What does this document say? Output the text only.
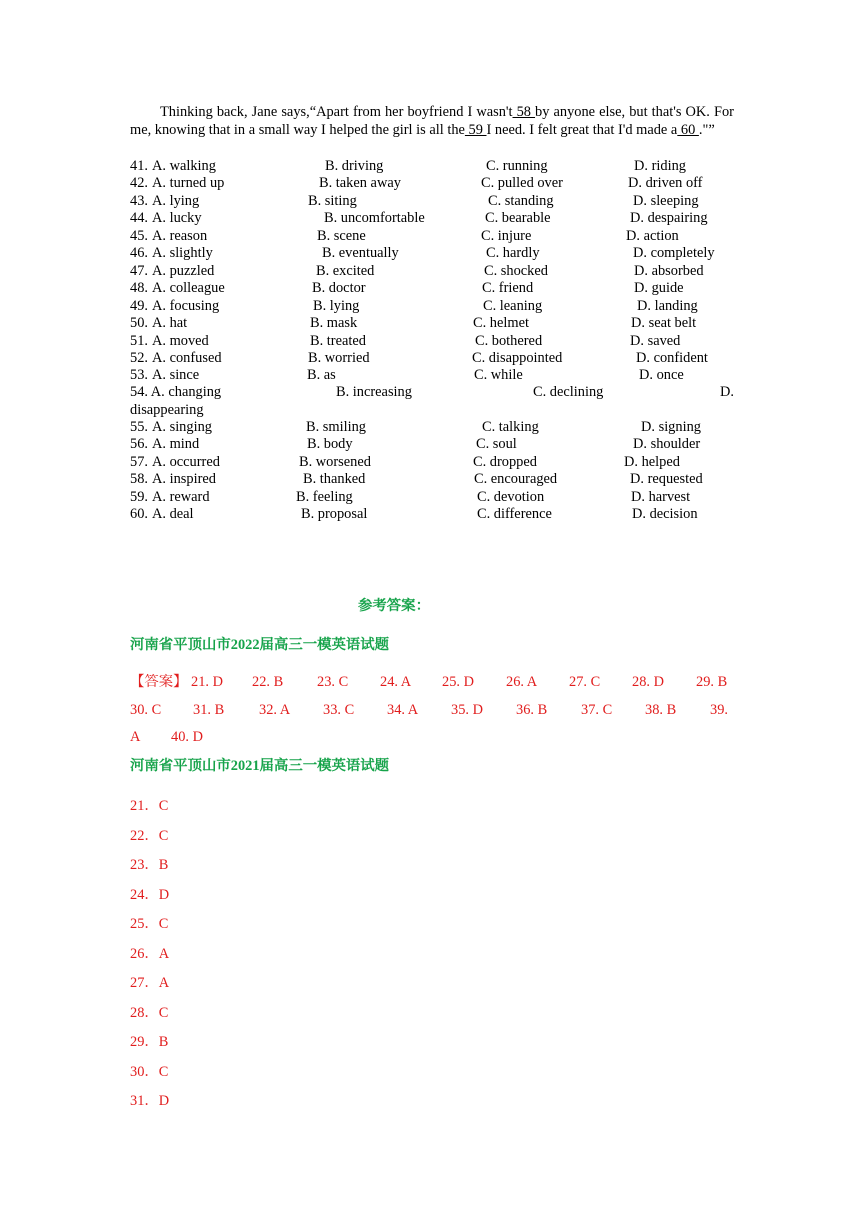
Thinking back, Jane says,“Apart from her boyfriend I wasn't 58 by anyone else, but that's OK. For me, knowing that in a small way I helped the girl is all the 59 I need. I felt great that I'd made a 60 ."”
41. A. walking	B. driving	C. running	D. riding
42. A. turned up	B. taken away	C. pulled over	D. driven off
43. A. lying	B. siting	C. standing	D. sleeping
44. A. lucky	B. uncomfortable	C. bearable	D. despairing
45. A. reason	B. scene	C. injure	D. action
46. A. slightly	B. eventually	C. hardly	D. completely
47. A. puzzled	B. excited	C. shocked	D. absorbed
48. A. colleague	B. doctor	C. friend	D. guide
49. A. focusing	B. lying	C. leaning	D. landing
50. A. hat	B. mask	C. helmet	D. seat belt
51. A. moved	B. treated	C. bothered	D. saved
52. A. confused	B. worried	C. disappointed	D. confident
53. A. since	B. as	C. while	D. once
54. A. changing	B. increasing	C. declining	D.
disappearing
55. A. singing	B. smiling	C. talking	D. signing
56. A. mind	B. body	C. soul	D. shoulder
57. A. occurred	B. worsened	C. dropped	D. helped
58. A. inspired	B. thanked	C. encouraged	D. requested
59. A. reward	B. feeling	C. devotion	D. harvest
60. A. deal	B. proposal	C. difference	D. decision
参考答案：
河南省平顶山市2022届高三一模英语试题
【答案】 21. D 22. B 23. C 24. A 25. D 26. A 27. C 28. D 29. B
30. C 31. B 32. A 33. C 34. A 35. D 36. B 37. C 38. B 39.
A 40. D
河南省平顶山市2021届高三一模英语试题
21．C
22．C
23．B
24．D
25．C
26．A
27．A
28．C
29．B
30．C
31．D
